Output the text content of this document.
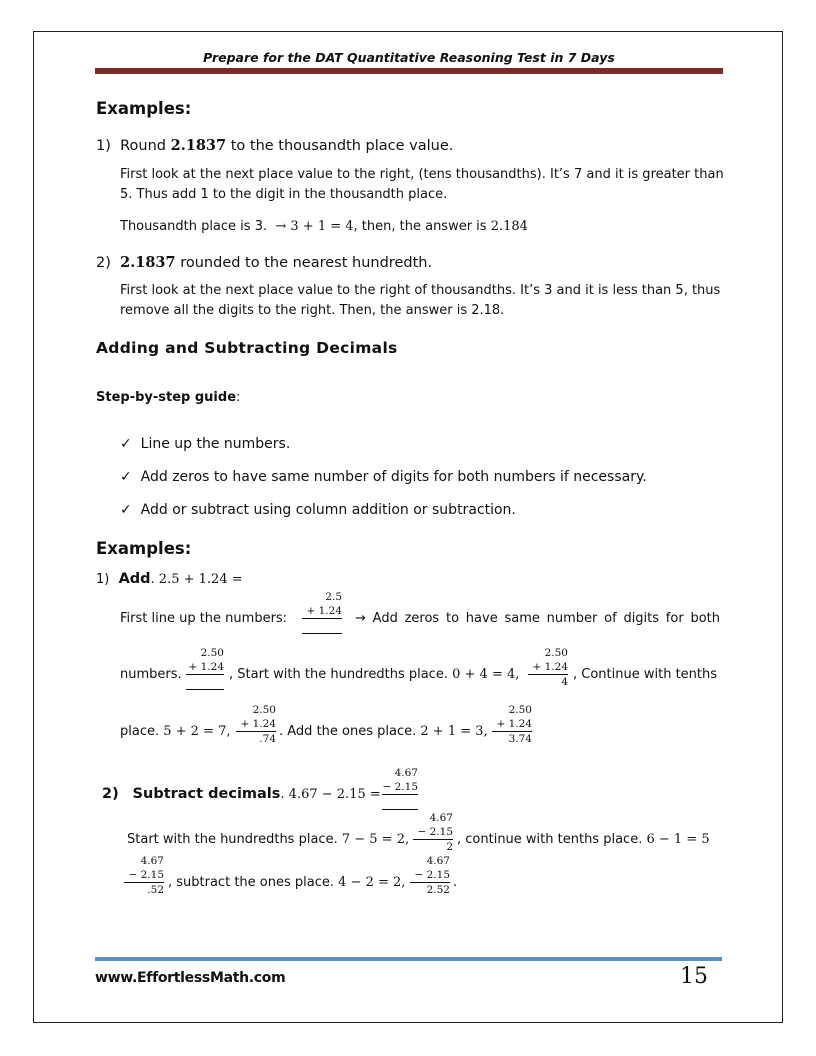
Prepare for the DAT Quantitative Reasoning Test in 7 Days
Examples:
1) Round 2.1837 to the thousandth place value.
First look at the next place value to the right, (tens thousandths). It’s 7 and it is greater than
5. Thus add 1 to the digit in the thousandth place.
Thousandth place is 3. → 3 + 1 = 4, then, the answer is 2.184
2) 2.1837 rounded to the nearest hundredth.
First look at the next place value to the right of thousandths. It’s 3 and it is less than 5, thus
remove all the digits to the right. Then, the answer is 2.18.
Adding and Subtracting Decimals
Step-by-step guide:
✓ Line up the numbers.
✓ Add zeros to have same number of digits for both numbers if necessary.
✓ Add or subtract using column addition or subtraction.
Examples:
1) Add. 2.5 + 1.24 =
First line up the numbers:
2.5
+ 1.24 → Add zeros to have same number of digits for both
numbers.
2.50
+ 1.24 , Start with the hundredths place. 0 + 4 = 4,
2.50
+ 1.24
4 , Continue with tenths
place. 5 + 2 = 7,
2.50
+ 1.24
.74 . Add the ones place. 2 + 1 = 3,
2.50
+ 1.24
3.74
2) Subtract decimals. 4.67 − 2.15 =
4.67
− 2.15
Start with the hundredths place. 7 − 5 = 2,
4.67
− 2.15
2 , continue with tenths place. 6 − 1 = 5
4.67
− 2.15
.52 , subtract the ones place. 4 − 2 = 2,
4.67
− 2.15
2.52 .
www.EffortlessMath.com	15
